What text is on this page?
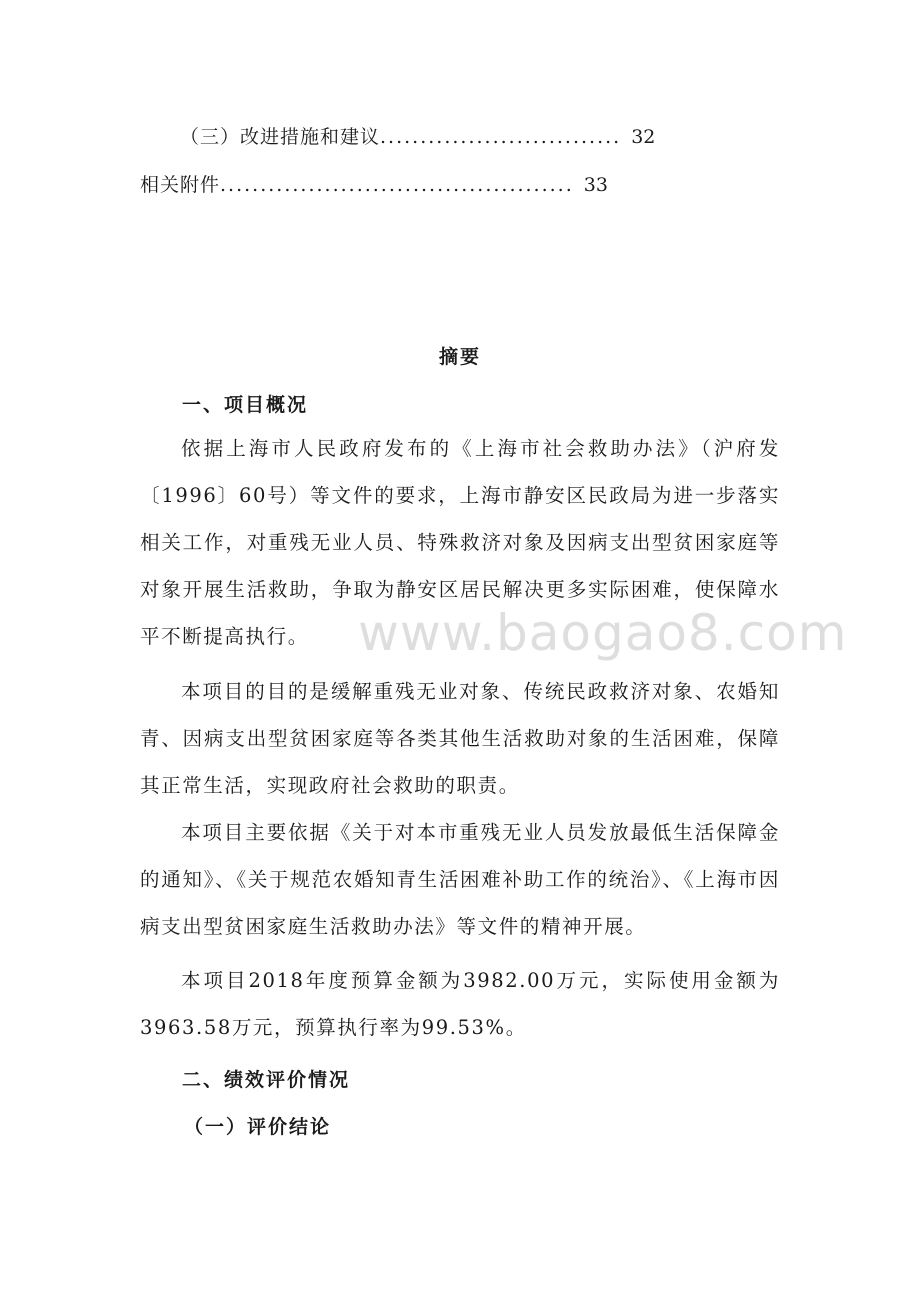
（三）改进措施和建议.............................. 32
相关附件............................................ 33
摘要
一、项目概况

依据上海市人民政府发布的《上海市社会救助办法》（沪府发〔1996〕60号）等文件的要求，上海市静安区民政局为进一步落实相关工作，对重残无业人员、特殊救济对象及因病支出型贫困家庭等对象开展生活救助，争取为静安区居民解决更多实际困难，使保障水平不断提高执行。

本项目的目的是缓解重残无业对象、传统民政救济对象、农婚知青、因病支出型贫困家庭等各类其他生活救助对象的生活困难，保障其正常生活，实现政府社会救助的职责。

本项目主要依据《关于对本市重残无业人员发放最低生活保障金的通知》、《关于规范农婚知青生活困难补助工作的统治》、《上海市因病支出型贫困家庭生活救助办法》等文件的精神开展。

本项目2018年度预算金额为3982.00万元，实际使用金额为3963.58万元，预算执行率为99.53%。

二、绩效评价情况
（一）评价结论
www.baogao8.com
